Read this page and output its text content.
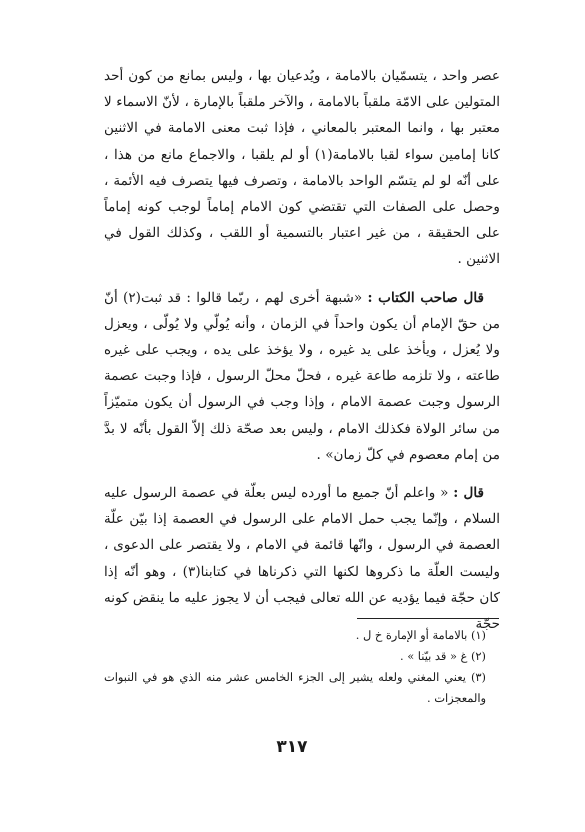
عصر واحد ، يتسمّيان بالامامة ، ويُدعيان بها ، وليس بمانع من كون أحد المتولين على الامّة ملقباً بالامامة ، والآخر ملقباً بالإمارة ، لأنّ الاسماء لا معتبر بها ، وانما المعتبر بالمعاني ، فإذا ثبت معنى الامامة في الاثنين كانا إمامين سواء لقبا بالامامة(١) أو لم يلقبا ، والاجماع مانع من هذا ، على أنّه لو لم يتسّم الواحد بالامامة ، وتصرف فيها يتصرف فيه الأئمة ، وحصل على الصفات التي تقتضي كون الامام إماماً لوجب كونه إماماً على الحقيقة ، من غير اعتبار بالتسمية أو اللقب ، وكذلك القول في الاثنين .

قال صاحب الكتاب : «شبهة أخرى لهم ، ربّما قالوا : قد ثبت(٢) أنّ من حقّ الإمام أن يكون واحداً في الزمان ، وأنه يُولّي ولا يُولّى ، ويعزل ولا يُعزل ، ويأخذ على يد غيره ، ولا يؤخذ على يده ، ويجب على غيره طاعته ، ولا تلزمه طاعة غيره ، فحلّ محلّ الرسول ، فإذا وجبت عصمة الرسول وجبت عصمة الامام ، وإذا وجب في الرسول أن يكون متميّزاً من سائر الولاة فكذلك الامام ، وليس بعد صحّة ذلك إلاّ القول بأنّه لا بدَّ من إمام معصوم في كلّ زمان» .

قال : « واعلم أنّ جميع ما أورده ليس بعلّة في عصمة الرسول عليه السلام ، وإنّما يجب حمل الامام على الرسول في العصمة إذا بيّن علّة العصمة في الرسول ، وانّها قائمة في الامام ، ولا يقتصر على الدعوى ، وليست العلّة ما ذكروها لكنها التي ذكرناها في كتابنا(٣) ، وهو أنّه إذا كان حجّة فيما يؤديه عن الله تعالى فيجب أن لا يجوز عليه ما ينقض كونه حجّة

(١) بالامامة أو الإمارة خ ل .

(٢) غ « قد بيّنا » .

(٣) يعني المغني ولعله يشير إلى الجزء الخامس عشر منه الذي هو في النبوات والمعجزات .

٣١٧
